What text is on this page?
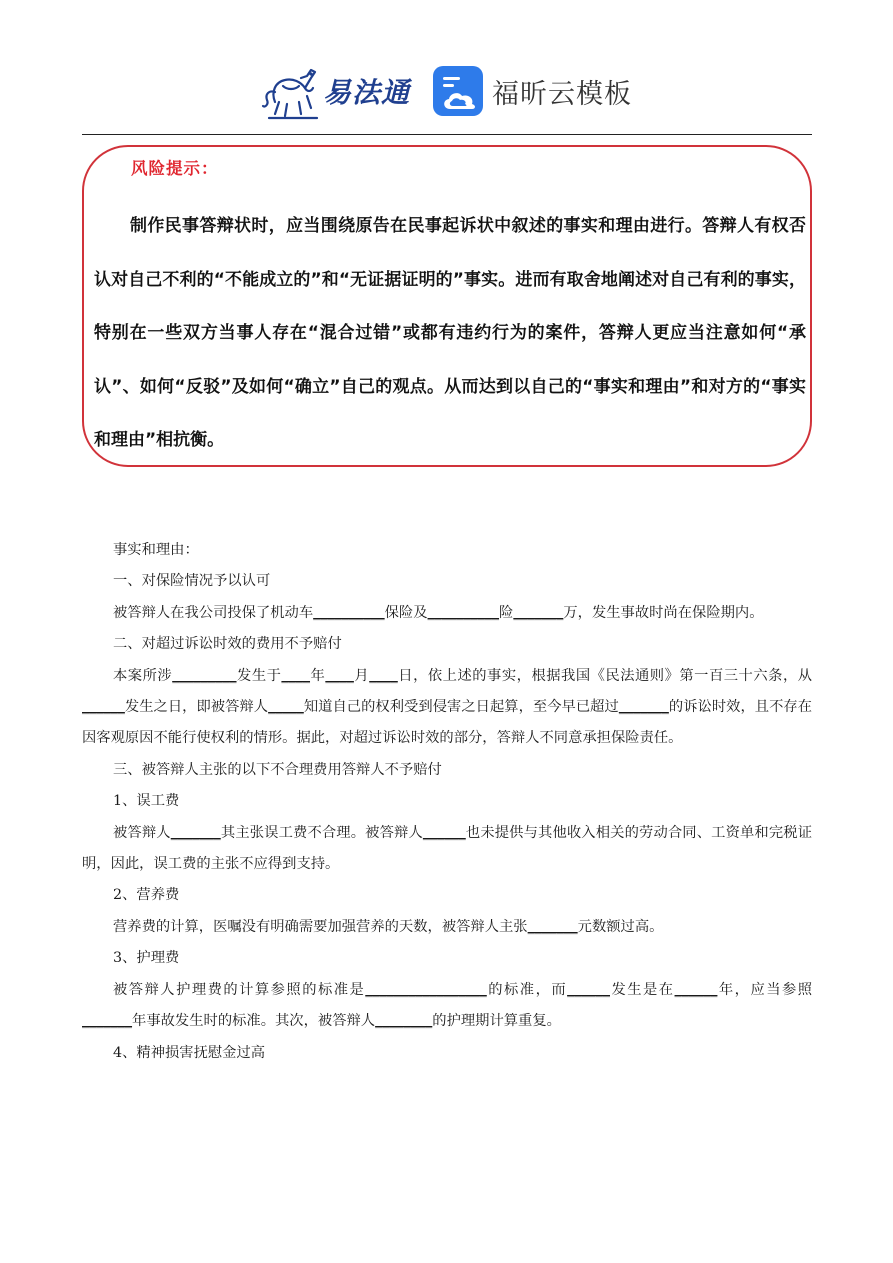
易法通	福昕云模板
风险提示：
制作民事答辩状时，应当围绕原告在民事起诉状中叙述的事实和理由进行。答辩人有权否认对自己不利的“不能成立的”和“无证据证明的”事实。进而有取舍地阐述对自己有利的事实，特别在一些双方当事人存在“混合过错”或都有违约行为的案件，答辩人更应当注意如何“承认”、如何“反驳”及如何“确立”自己的观点。从而达到以自己的“事实和理由”和对方的“事实和理由”相抗衡。

事实和理由：

一、对保险情况予以认可

被答辩人在我公司投保了机动车__________保险及__________险_______万，发生事故时尚在保险期内。

二、对超过诉讼时效的费用不予赔付

本案所涉_________发生于____年____月____日，依上述的事实，根据我国《民法通则》第一百三十六条，从______发生之日，即被答辩人_____知道自己的权利受到侵害之日起算，至今早已超过_______的诉讼时效，且不存在因客观原因不能行使权利的情形。据此，对超过诉讼时效的部分，答辩人不同意承担保险责任。

三、被答辩人主张的以下不合理费用答辩人不予赔付

1、误工费

被答辩人_______其主张误工费不合理。被答辩人______也未提供与其他收入相关的劳动合同、工资单和完税证明，因此，误工费的主张不应得到支持。

2、营养费

营养费的计算，医嘱没有明确需要加强营养的天数，被答辩人主张_______元数额过高。

3、护理费

被答辩人护理费的计算参照的标准是_________________的标准，而______发生是在______年，应当参照_______年事故发生时的标准。其次，被答辩人________的护理期计算重复。

4、精神损害抚慰金过高
